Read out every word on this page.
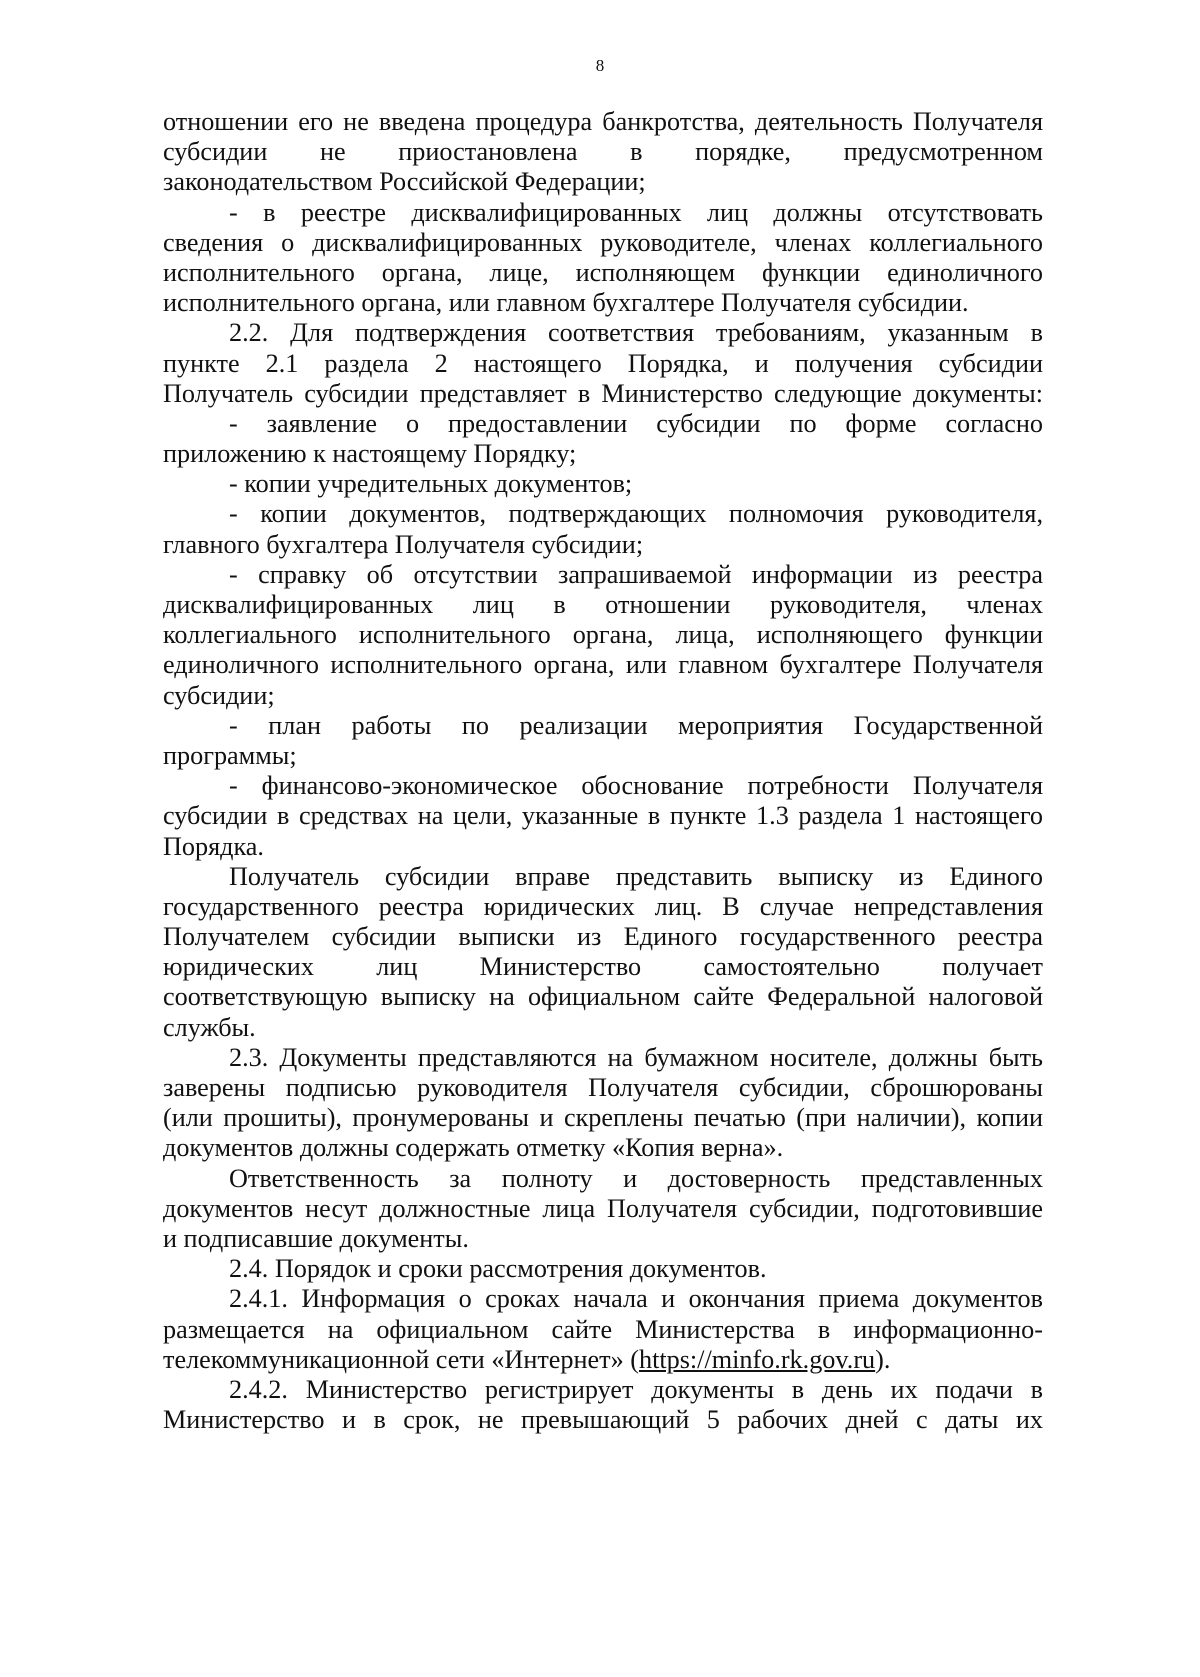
8
отношении его не введена процедура банкротства, деятельность Получателя
субсидии не приостановлена в порядке, предусмотренном
законодательством Российской Федерации;
- в реестре дисквалифицированных лиц должны отсутствовать
сведения о дисквалифицированных руководителе, членах коллегиального
исполнительного органа, лице, исполняющем функции единоличного
исполнительного органа, или главном бухгалтере Получателя субсидии.
2.2. Для подтверждения соответствия требованиям, указанным в
пункте 2.1 раздела 2 настоящего Порядка, и получения субсидии
Получатель субсидии представляет в Министерство следующие документы:
- заявление о предоставлении субсидии по форме согласно
приложению к настоящему Порядку;
- копии учредительных документов;
- копии документов, подтверждающих полномочия руководителя,
главного бухгалтера Получателя субсидии;
- справку об отсутствии запрашиваемой информации из реестра
дисквалифицированных лиц в отношении руководителя, членах
коллегиального исполнительного органа, лица, исполняющего функции
единоличного исполнительного органа, или главном бухгалтере Получателя
субсидии;
- план работы по реализации мероприятия Государственной
программы;
- финансово-экономическое обоснование потребности Получателя
субсидии в средствах на цели, указанные в пункте 1.3 раздела 1 настоящего
Порядка.
Получатель субсидии вправе представить выписку из Единого
государственного реестра юридических лиц. В случае непредставления
Получателем субсидии выписки из Единого государственного реестра
юридических лиц Министерство самостоятельно получает
соответствующую выписку на официальном сайте Федеральной налоговой
службы.
2.3. Документы представляются на бумажном носителе, должны быть
заверены подписью руководителя Получателя субсидии, сброшюрованы
(или прошиты), пронумерованы и скреплены печатью (при наличии), копии
документов должны содержать отметку «Копия верна».
Ответственность за полноту и достоверность представленных
документов несут должностные лица Получателя субсидии, подготовившие
и подписавшие документы.
2.4. Порядок и сроки рассмотрения документов.
2.4.1. Информация о сроках начала и окончания приема документов
размещается на официальном сайте Министерства в информационно-
телекоммуникационной сети «Интернет» (https://minfo.rk.gov.ru).
2.4.2. Министерство регистрирует документы в день их подачи в
Министерство и в срок, не превышающий 5 рабочих дней с даты их
